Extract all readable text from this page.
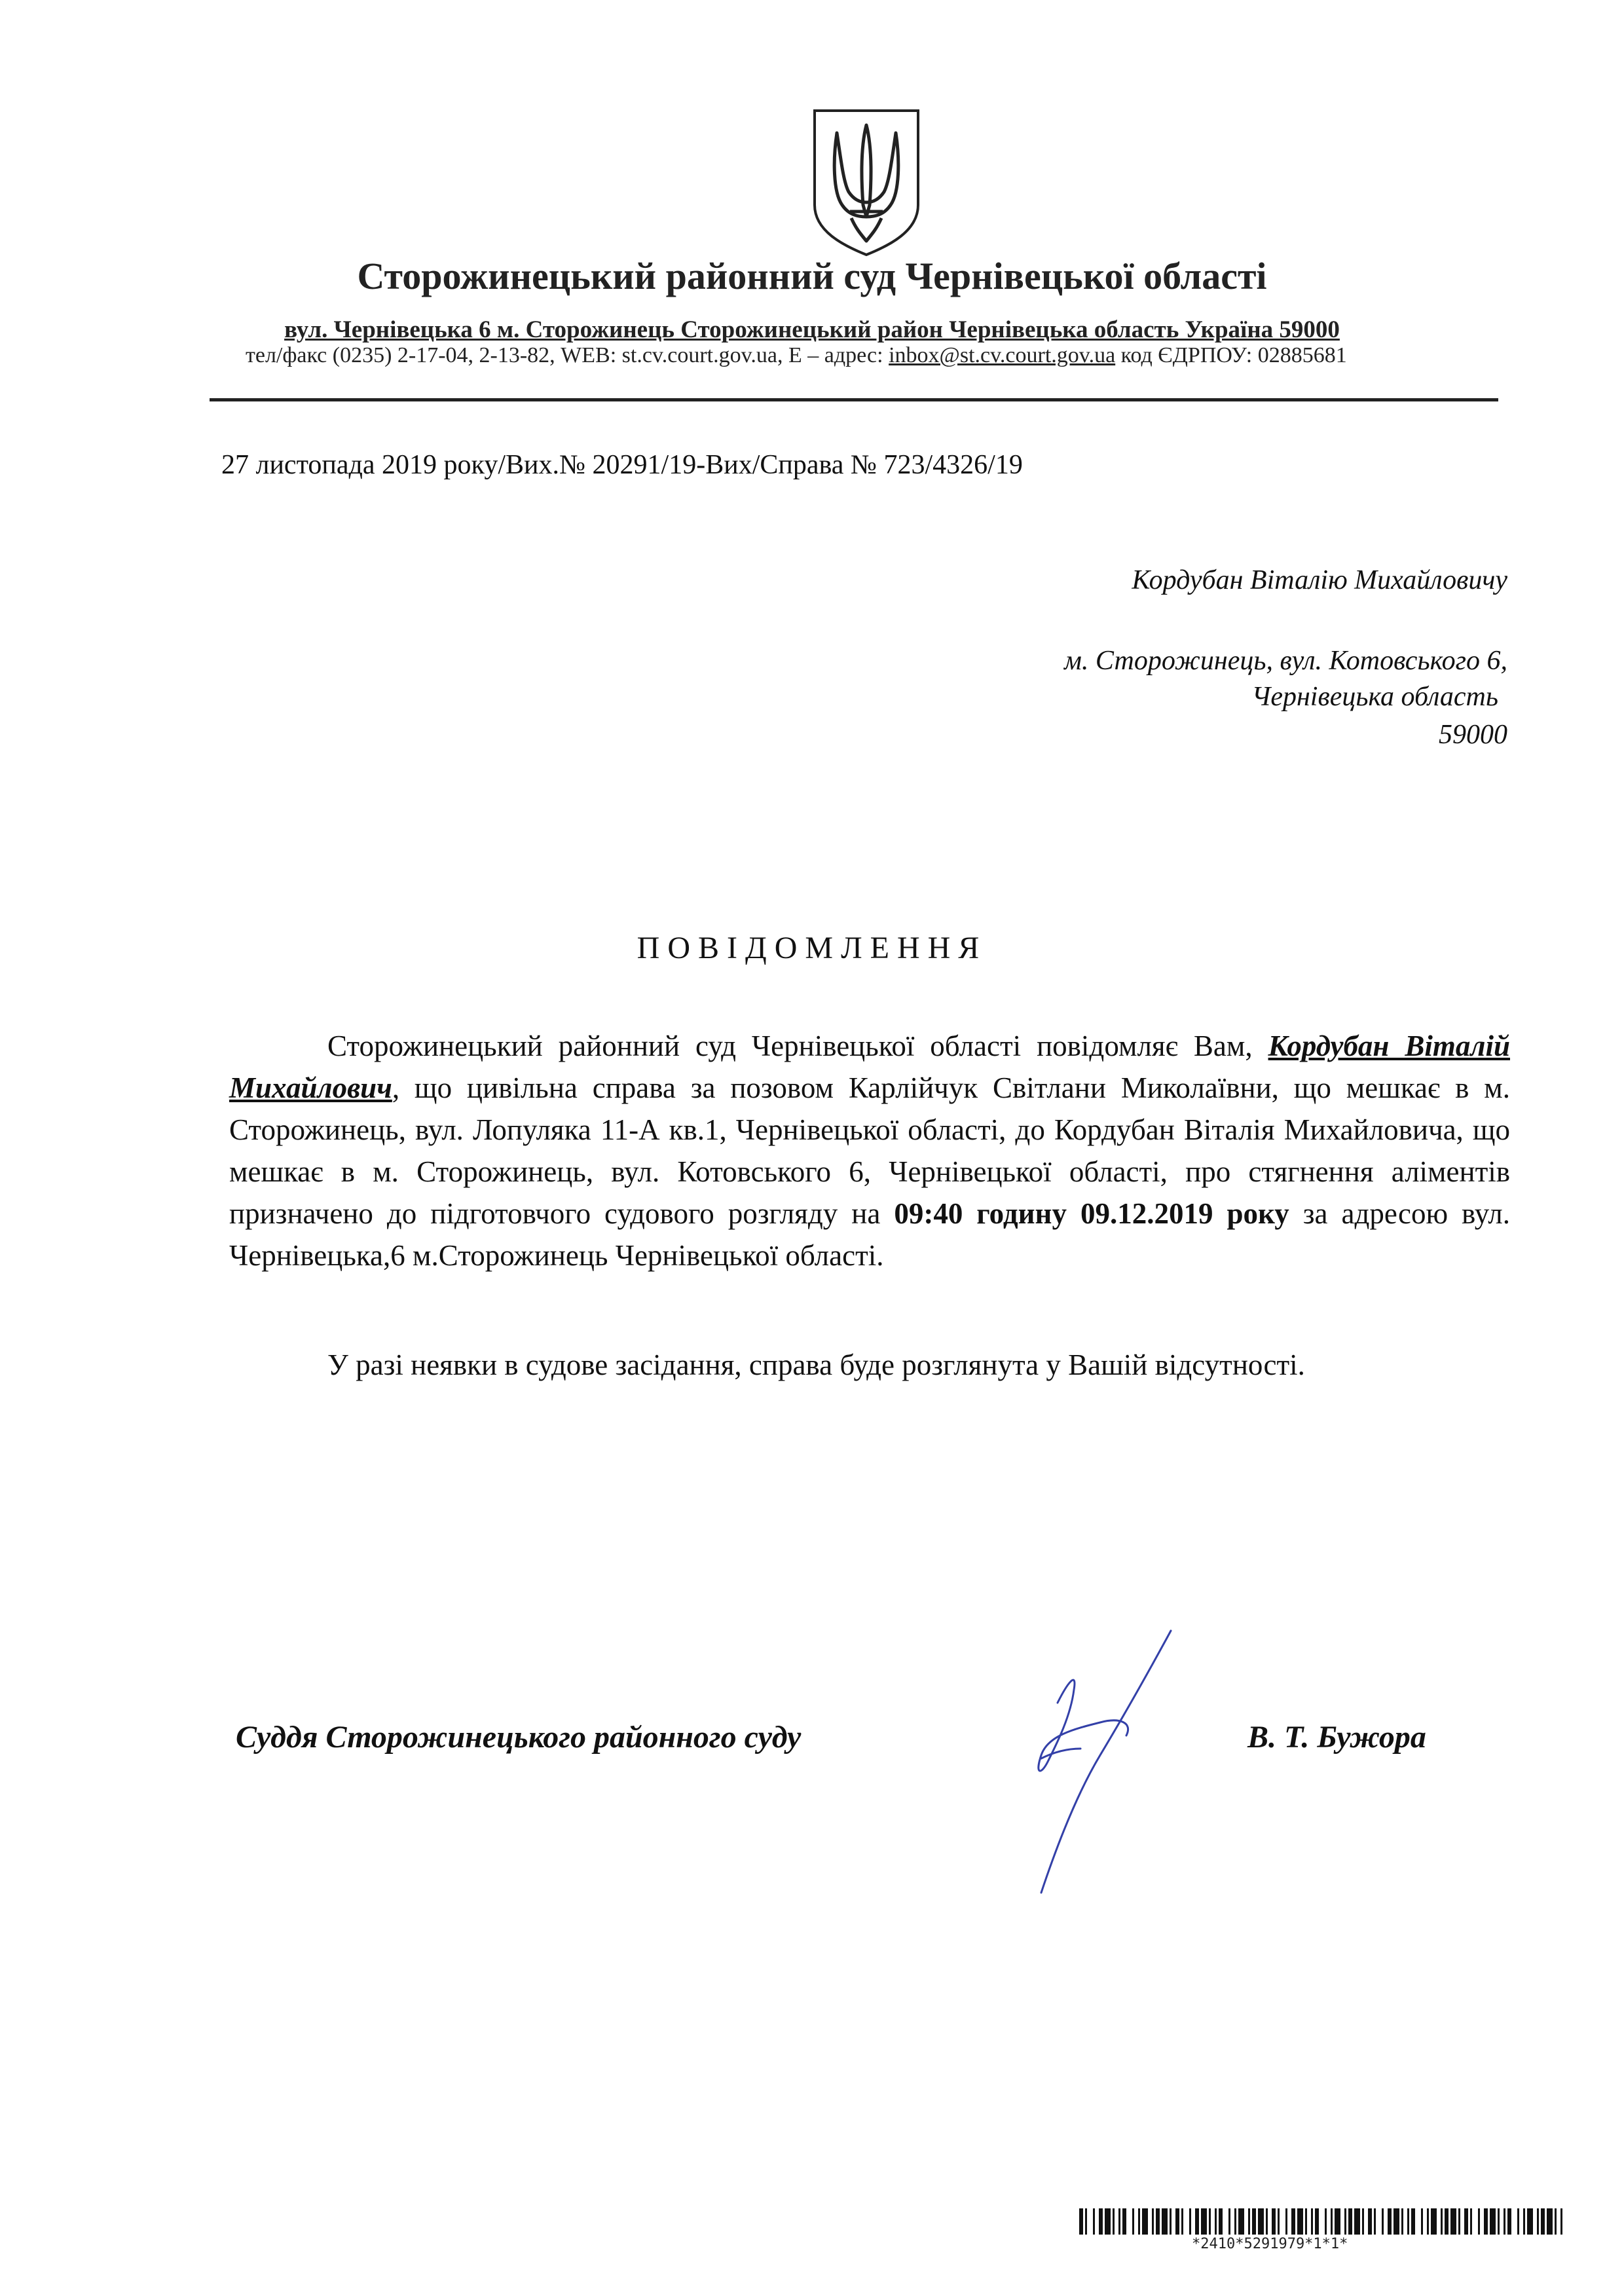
Сторожинецький районний суд Чернівецької області
вул. Чернівецька 6 м. Сторожинець Сторожинецький район Чернівецька область Україна 59000
тел/факс (0235) 2-17-04, 2-13-82, WEB: st.cv.court.gov.ua, Е – адрес: inbox@st.cv.court.gov.ua код ЄДРПОУ: 02885681
27 листопада 2019 року/Вих.№ 20291/19-Вих/Справа № 723/4326/19
Кордубан Віталію Михайловичу
м. Сторожинець, вул. Котовського 6,
Чернівецька область
59000
ПОВІДОМЛЕННЯ

Сторожинецький районний суд Чернівецької області повідомляє Вам, Кордубан Віталій Михайлович, що цивільна справа за позовом Карлійчук Світлани Миколаївни, що мешкає в м. Сторожинець, вул. Лопуляка 11-А кв.1, Чернівецької області, до Кордубан Віталія Михайловича, що мешкає в м. Сторожинець, вул. Котовського 6, Чернівецької області, про стягнення аліментів призначено до підготовчого судового розгляду на 09:40 годину 09.12.2019 року за адресою вул. Чернівецька,6 м.Сторожинець Чернівецької області.

У разі неявки в судове засідання, справа буде розглянута у Вашій відсутності.

Суддя Сторожинецького районного суду	В. Т. Бужора
*2410*5291979*1*1*
